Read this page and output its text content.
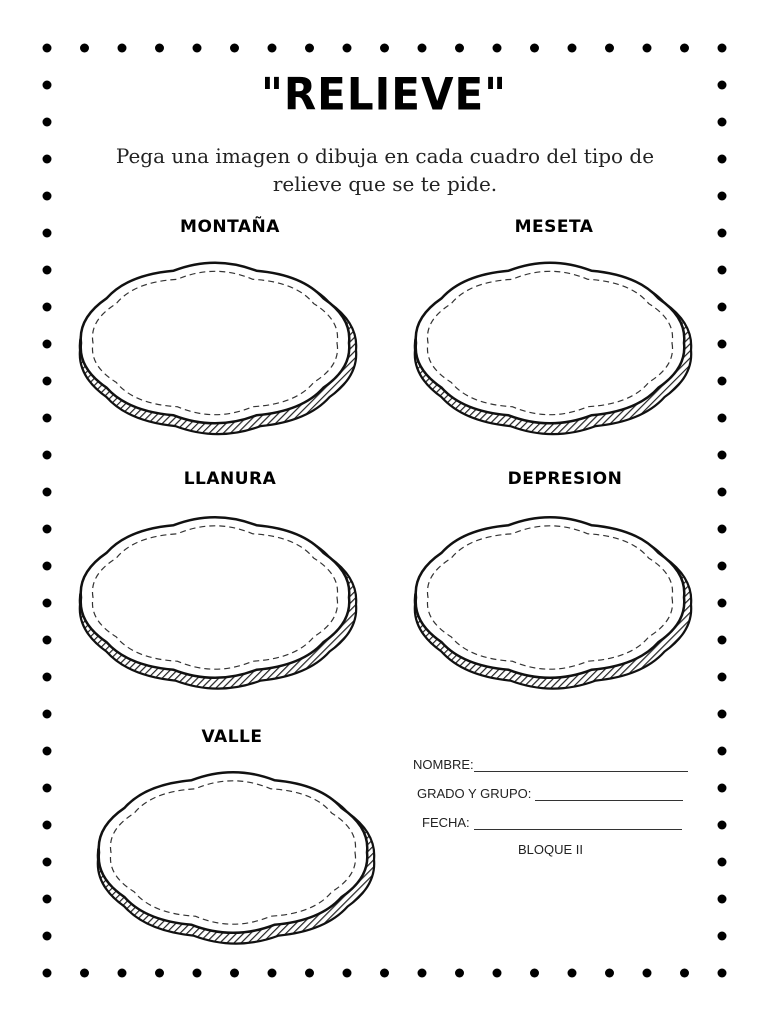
"RELIEVE"
Pega una imagen o dibuja en cada cuadro del tipo de
relieve que se te pide.
MONTAÑA	MESETA
LLANURA	DEPRESION
VALLE
NOMBRE:
GRADO Y GRUPO:
FECHA:
BLOQUE II
